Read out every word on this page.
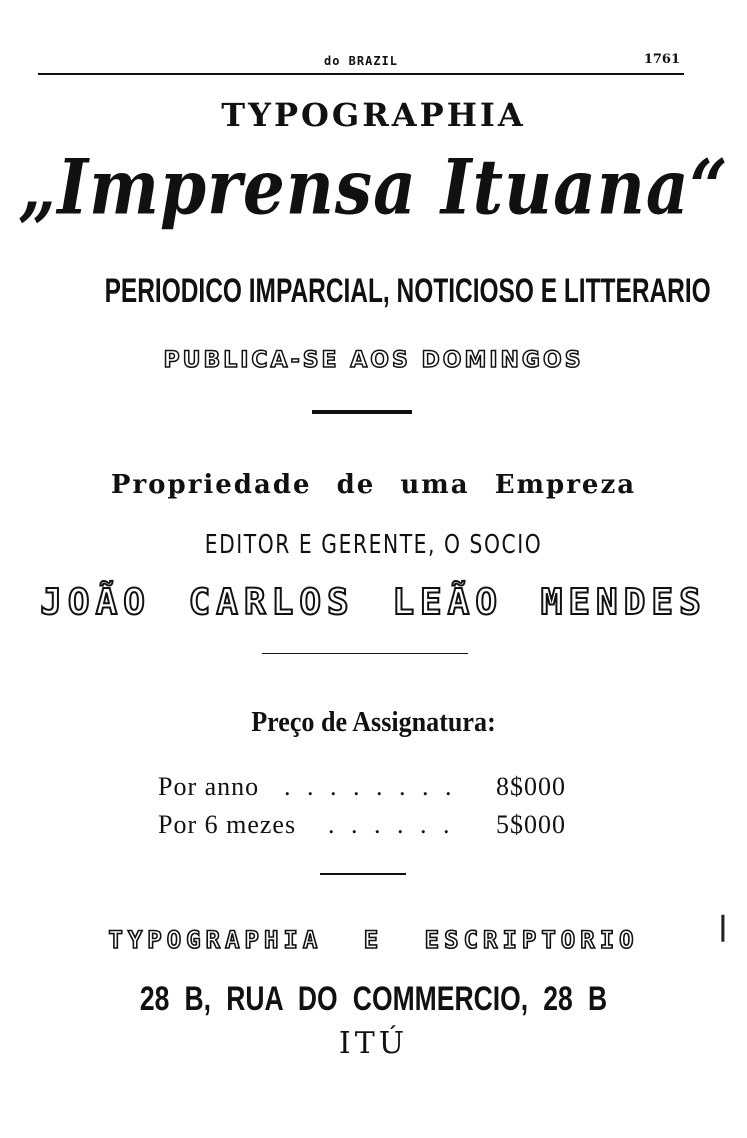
do BRAZIL	1761
TYPOGRAPHIA
„Imprensa Ituana“
PERIODICO IMPARCIAL, NOTICIOSO E LITTERARIO
PUBLICA-SE AOS DOMINGOS
Propriedade de uma Empreza
EDITOR E GERENTE, O SOCIO
JOÃO CARLOS LEÃO MENDES
Preço de Assignatura:
Por anno . . . . . . . . 8$000
Por 6 mezes . . . . . . 5$000
TYPOGRAPHIA E ESCRIPTORIO
28 B, RUA DO COMMERCIO, 28 B
ITÚ
❘
